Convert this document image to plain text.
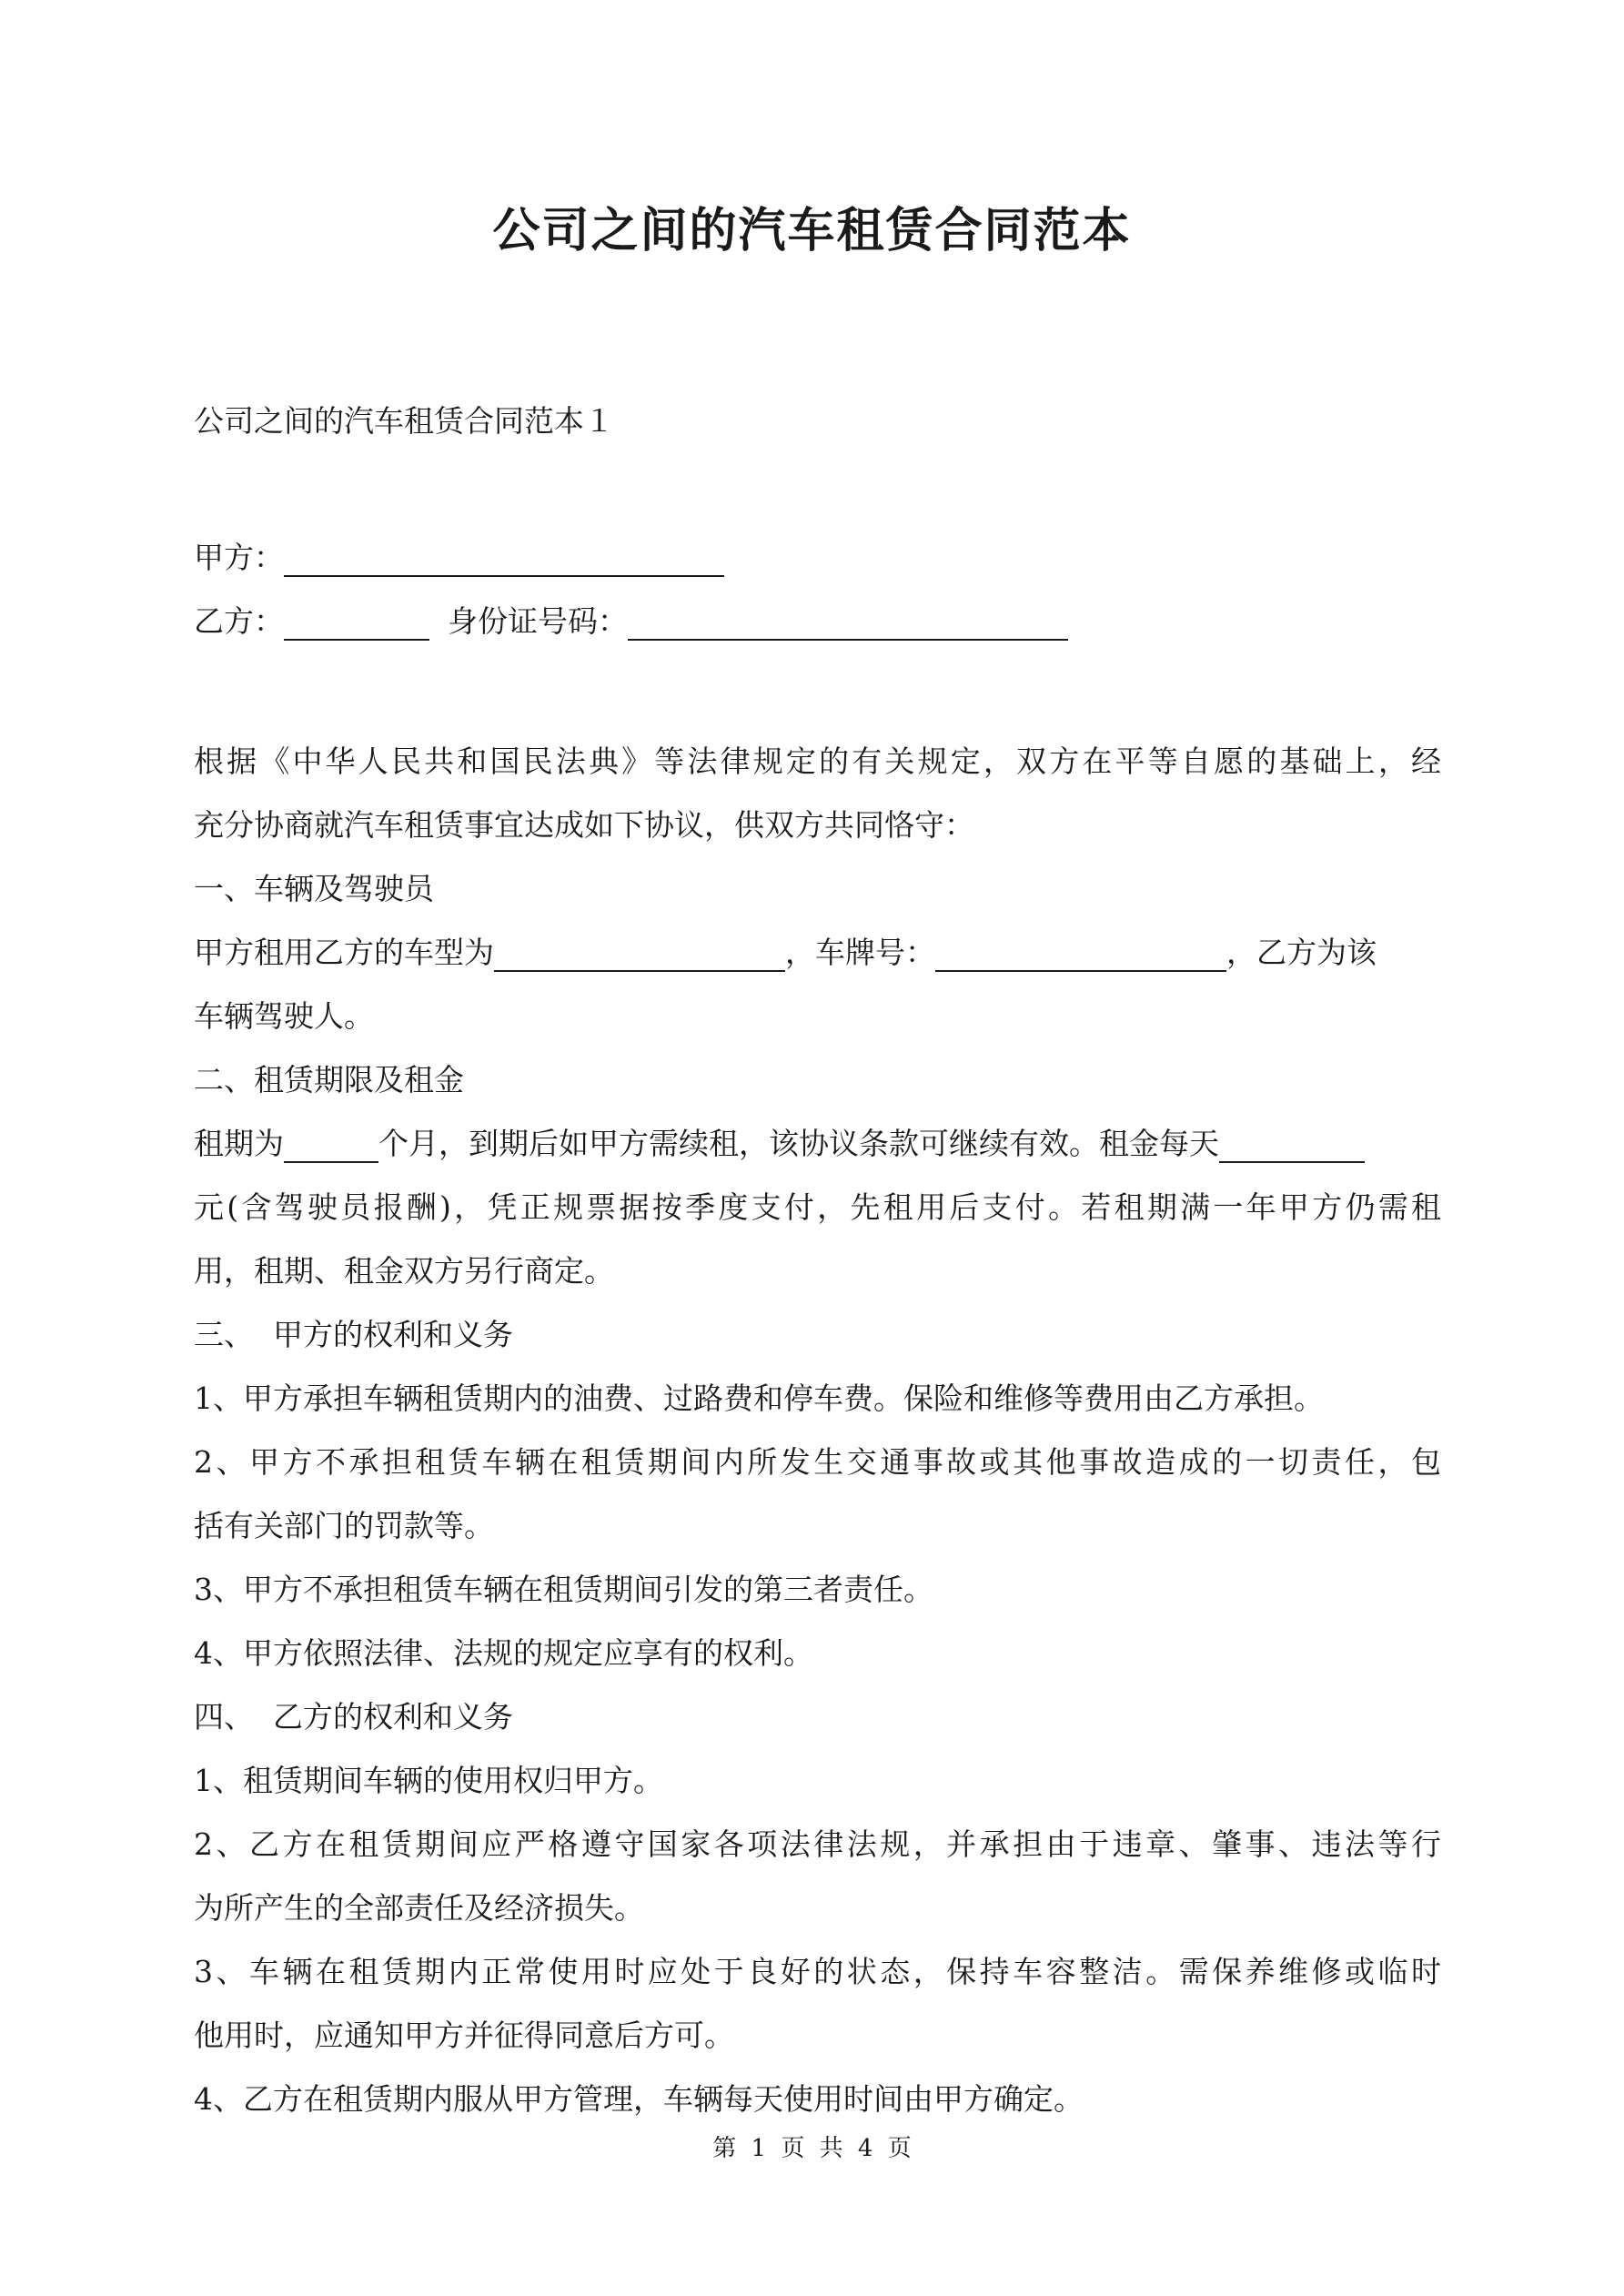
公司之间的汽车租赁合同范本

公司之间的汽车租赁合同范本１

甲方：

乙方：	身份证号码：

根据《中华人民共和国民法典》等法律规定的有关规定，双方在平等自愿的基础上，经

充分协商就汽车租赁事宜达成如下协议，供双方共同恪守：

一、车辆及驾驶员

甲方租用乙方的车型为	，车牌号：	，乙方为该

车辆驾驶人。

二、租赁期限及租金

租期为	个月，到期后如甲方需续租，该协议条款可继续有效。租金每天

元(含驾驶员报酬)，凭正规票据按季度支付，先租用后支付。若租期满一年甲方仍需租

用，租期、租金双方另行商定。

三、  甲方的权利和义务

1、甲方承担车辆租赁期内的油费、过路费和停车费。保险和维修等费用由乙方承担。

2、甲方不承担租赁车辆在租赁期间内所发生交通事故或其他事故造成的一切责任，包

括有关部门的罚款等。

3、甲方不承担租赁车辆在租赁期间引发的第三者责任。

4、甲方依照法律、法规的规定应享有的权利。

四、  乙方的权利和义务

1、租赁期间车辆的使用权归甲方。

2、乙方在租赁期间应严格遵守国家各项法律法规，并承担由于违章、肇事、违法等行

为所产生的全部责任及经济损失。

3、车辆在租赁期内正常使用时应处于良好的状态，保持车容整洁。需保养维修或临时

他用时，应通知甲方并征得同意后方可。

4、乙方在租赁期内服从甲方管理，车辆每天使用时间由甲方确定。

第 1 页 共 4 页
